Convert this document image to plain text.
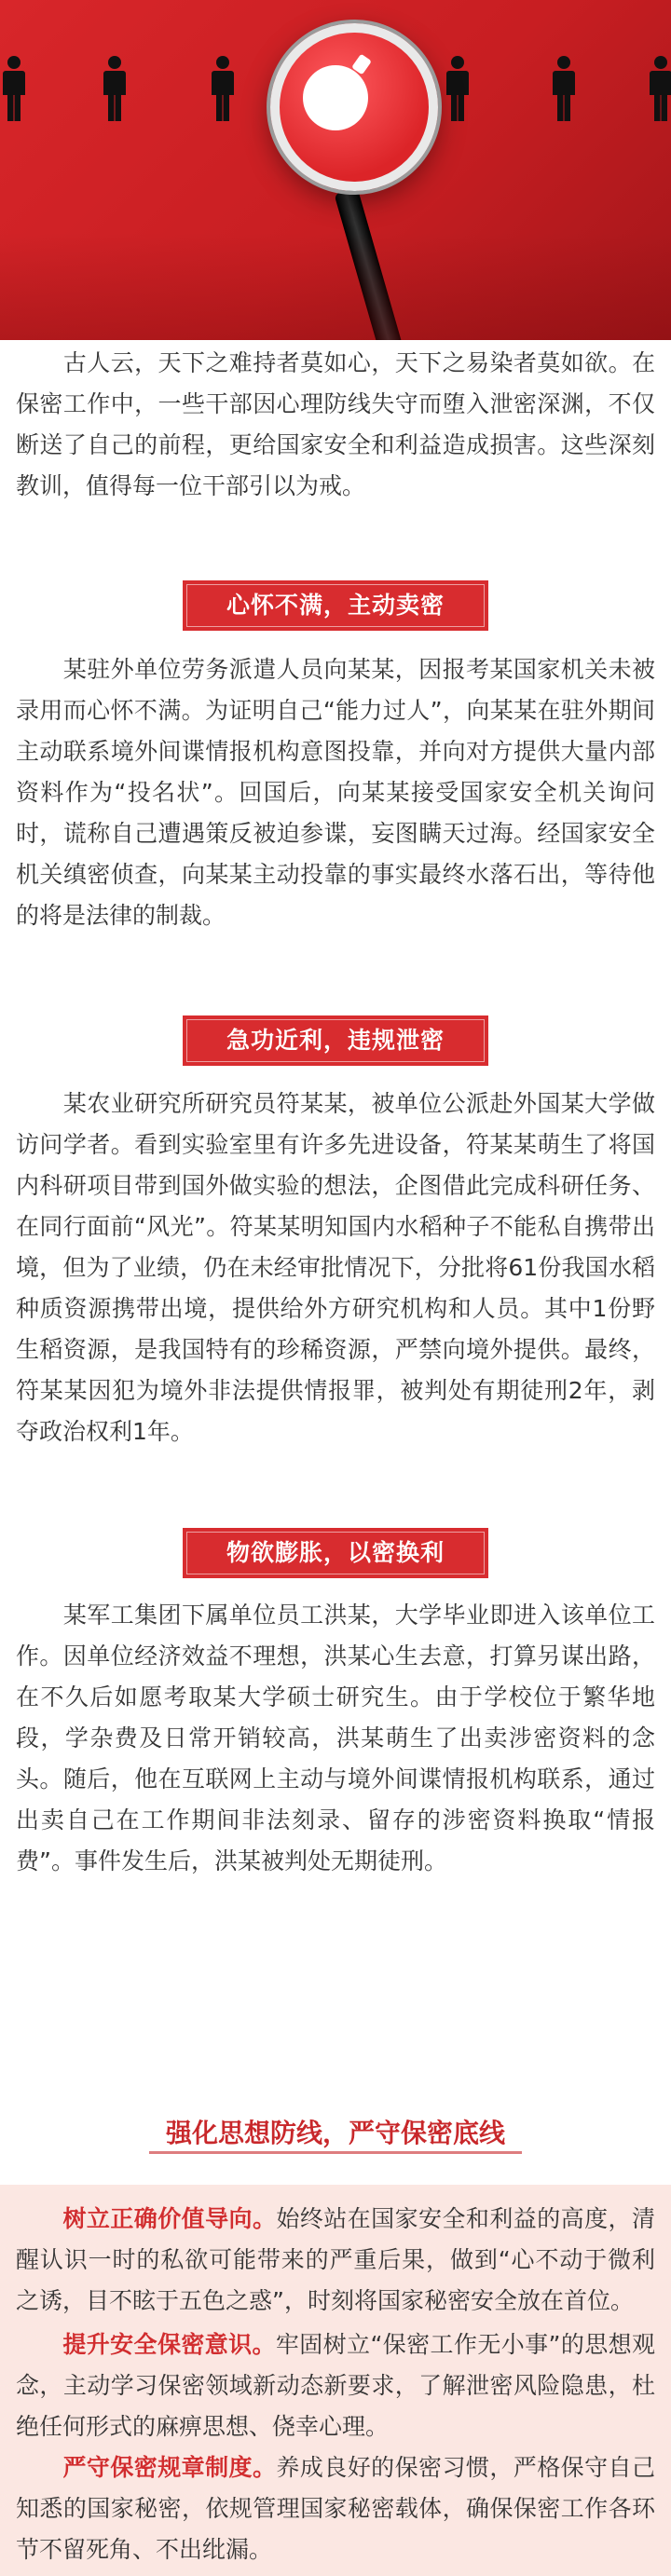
　　古人云，天下之难持者莫如心，天下之易染者莫如欲。在保密工作中，一些干部因心理防线失守而堕入泄密深渊，不仅断送了自己的前程，更给国家安全和利益造成损害。这些深刻教训，值得每一位干部引以为戒。

心怀不满，主动卖密

　　某驻外单位劳务派遣人员向某某，因报考某国家机关未被录用而心怀不满。为证明自己“能力过人”，向某某在驻外期间主动联系境外间谍情报机构意图投靠，并向对方提供大量内部资料作为“投名状”。回国后，向某某接受国家安全机关询问时，谎称自己遭遇策反被迫参谍，妄图瞒天过海。经国家安全机关缜密侦查，向某某主动投靠的事实最终水落石出，等待他的将是法律的制裁。

急功近利，违规泄密

　　某农业研究所研究员符某某，被单位公派赴外国某大学做访问学者。看到实验室里有许多先进设备，符某某萌生了将国内科研项目带到国外做实验的想法，企图借此完成科研任务、在同行面前“风光”。符某某明知国内水稻种子不能私自携带出境，但为了业绩，仍在未经审批情况下，分批将61份我国水稻种质资源携带出境，提供给外方研究机构和人员。其中1份野生稻资源，是我国特有的珍稀资源，严禁向境外提供。最终，符某某因犯为境外非法提供情报罪，被判处有期徒刑2年，剥夺政治权利1年。

物欲膨胀，以密换利

　　某军工集团下属单位员工洪某，大学毕业即进入该单位工作。因单位经济效益不理想，洪某心生去意，打算另谋出路，在不久后如愿考取某大学硕士研究生。由于学校位于繁华地段，学杂费及日常开销较高，洪某萌生了出卖涉密资料的念头。随后，他在互联网上主动与境外间谍情报机构联系，通过出卖自己在工作期间非法刻录、留存的涉密资料换取“情报费”。事件发生后，洪某被判处无期徒刑。

强化思想防线，严守保密底线

树立正确价值导向。始终站在国家安全和利益的高度，清醒认识一时的私欲可能带来的严重后果，做到“心不动于微利之诱，目不眩于五色之惑”，时刻将国家秘密安全放在首位。

提升安全保密意识。牢固树立“保密工作无小事”的思想观念，主动学习保密领域新动态新要求，了解泄密风险隐患，杜绝任何形式的麻痹思想、侥幸心理。

严守保密规章制度。养成良好的保密习惯，严格保守自己知悉的国家秘密，依规管理国家秘密载体，确保保密工作各环节不留死角、不出纰漏。
